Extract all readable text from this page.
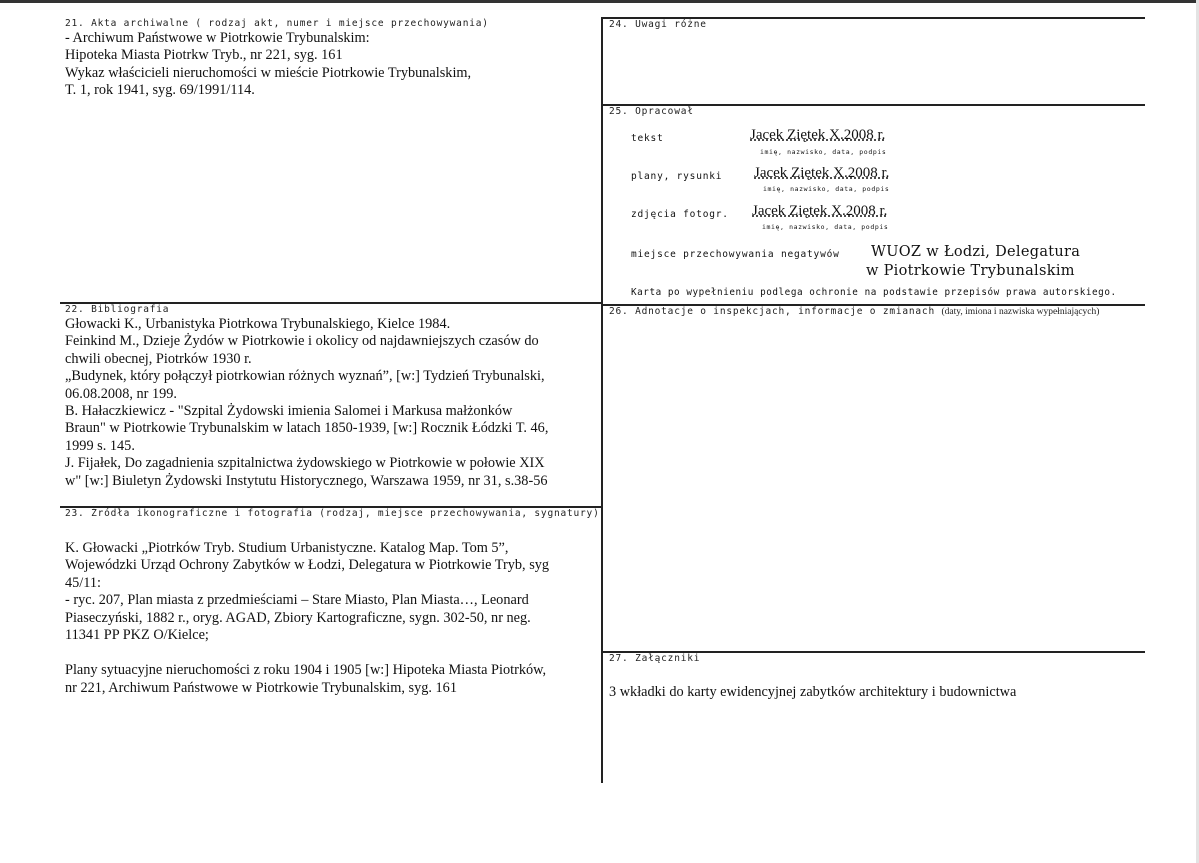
21. Akta archiwalne ( rodzaj akt, numer i miejsce przechowywania)
- Archiwum Państwowe w Piotrkowie Trybunalskim:
Hipoteka Miasta Piotrkw Tryb., nr 221, syg. 161
Wykaz właścicieli nieruchomości w mieście Piotrkowie Trybunalskim,
T. 1, rok 1941, syg. 69/1991/114.
22. Bibliografia
Głowacki K., Urbanistyka Piotrkowa Trybunalskiego, Kielce 1984.
Feinkind M., Dzieje Żydów w Piotrkowie i okolicy od najdawniejszych czasów do
chwili obecnej, Piotrków 1930 r.
„Budynek, który połączył piotrkowian różnych wyznań”, [w:] Tydzień Trybunalski,
06.08.2008, nr 199.
B. Hałaczkiewicz - "Szpital Żydowski imienia Salomei i Markusa małżonków
Braun" w Piotrkowie Trybunalskim w latach 1850-1939, [w:] Rocznik Łódzki T. 46,
1999 s. 145.
J. Fijałek, Do zagadnienia szpitalnictwa żydowskiego w Piotrkowie w połowie XIX
w" [w:] Biuletyn Żydowski Instytutu Historycznego, Warszawa 1959, nr 31, s.38-56
23. Źródła ikonograficzne i fotografia (rodzaj, miejsce przechowywania, sygnatury)
K. Głowacki „Piotrków Tryb. Studium Urbanistyczne. Katalog Map. Tom 5”,
Wojewódzki Urząd Ochrony Zabytków w Łodzi, Delegatura w Piotrkowie Tryb, syg
45/11:
- ryc. 207, Plan miasta z przedmieściami – Stare Miasto, Plan Miasta…, Leonard
Piaseczyński, 1882 r., oryg. AGAD, Zbiory Kartograficzne, sygn. 302-50, nr neg.
11341 PP PKZ O/Kielce;
Plany sytuacyjne nieruchomości z roku 1904 i 1905 [w:] Hipoteka Miasta Piotrków,
nr 221, Archiwum Państwowe w Piotrkowie Trybunalskim, syg. 161
24. Uwagi różne
25. Opracował
tekst	Jacek Ziętek X.2008 r.
imię, nazwisko, data, podpis
plany, rysunki Jacek Ziętek X.2008 r.
imię, nazwisko, data, podpis
zdjęcia fotogr. Jacek Ziętek X.2008 r.
imię, nazwisko, data, podpis
miejsce przechowywania negatywów WUOZ w Łodzi, Delegatura
w Piotrkowie Trybunalskim
Karta po wypełnieniu podlega ochronie na podstawie przepisów prawa autorskiego.
26. Adnotacje o inspekcjach, informacje o zmianach (daty, imiona i nazwiska wypełniających)
27. Załączniki
3 wkładki do karty ewidencyjnej zabytków architektury i budownictwa
